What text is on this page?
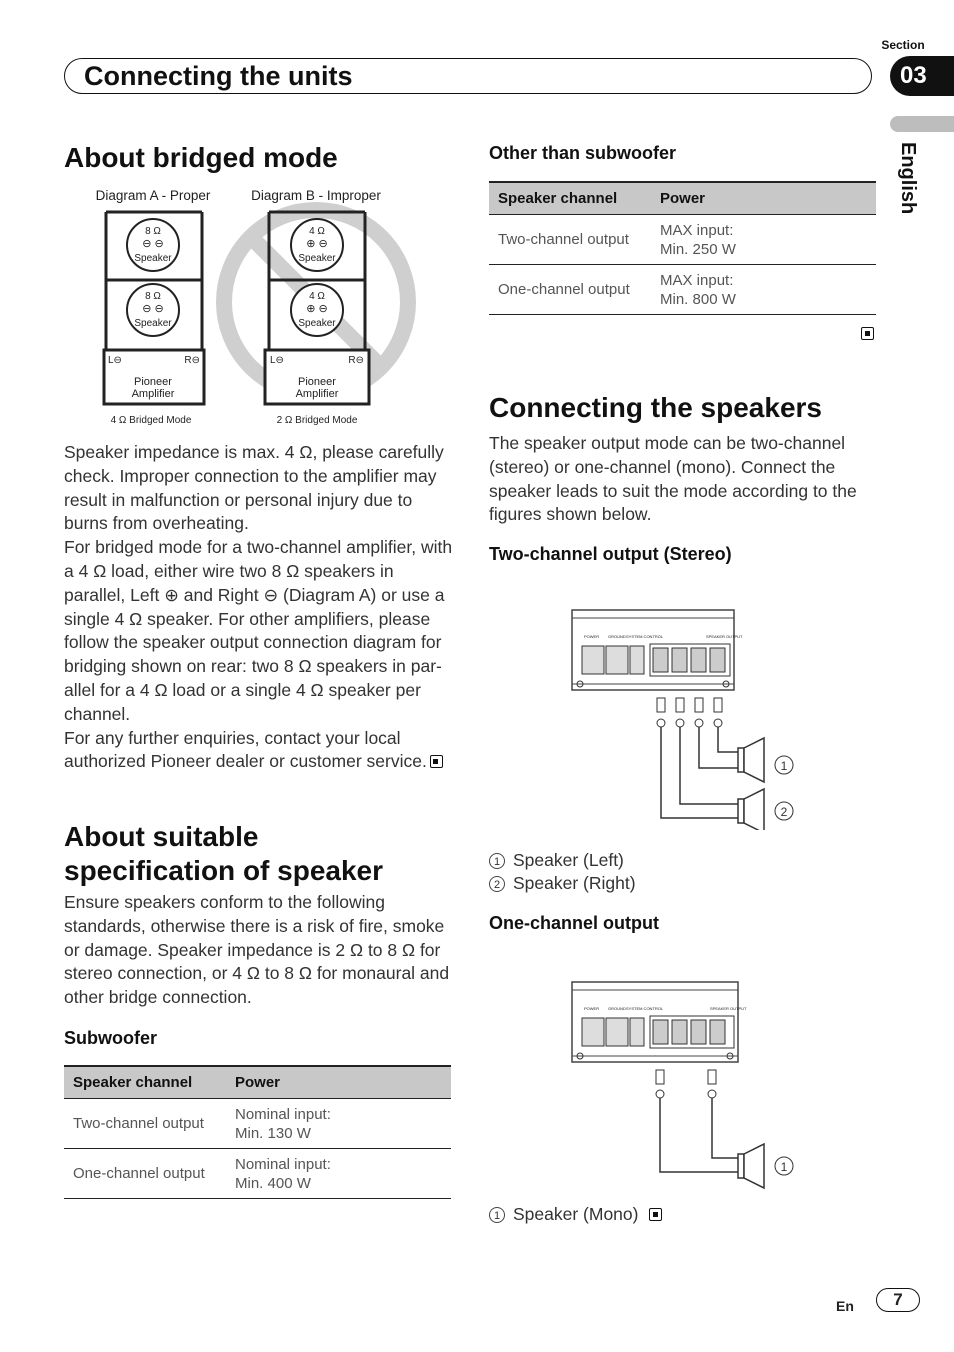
Section
Connecting the units	03
English
About bridged mode
Diagram A - Proper	Diagram B - Improper
8 Ω
⊖ ⊖
Speaker
8 Ω
⊖ ⊖
Speaker
L⊖	R⊖
Pioneer
Amplifier
4 Ω Bridged Mode
4 Ω
⊕ ⊖
Speaker
4 Ω
⊕ ⊖
Speaker
L⊖	R⊖
Pioneer
Amplifier
2 Ω Bridged Mode

Speaker impedance is max. 4 Ω, please carefully check. Improper connection to the amplifier may result in malfunction or personal injury due to burns from overheating.

For bridged mode for a two-channel amplifier, with a 4 Ω load, either wire two 8 Ω speakers in parallel, Left ⊕ and Right ⊖ (Diagram A) or use a single 4 Ω speaker. For other amplifiers, please follow the speaker output connection diagram for bridging shown on rear: two 8 Ω speakers in par-allel for a 4 Ω load or a single 4 Ω speaker per channel.

For any further enquiries, contact your local authorized Pioneer dealer or customer service.

About suitable
specification of speaker
Ensure speakers conform to the following standards, otherwise there is a risk of fire, smoke or damage. Speaker impedance is 2 Ω to 8 Ω for stereo connection, or 4 Ω to 8 Ω for monaural and other bridge connection.
Subwoofer
Speaker channel	Power
Two-channel output	Nominal input:
Min. 130 W
One-channel output	Nominal input:
Min. 400 W
Other than subwoofer
Speaker channel	Power
Two-channel output	MAX input:
Min. 250 W
One-channel output	MAX input:
Min. 800 W
Connecting the speakers
The speaker output mode can be two-channel (stereo) or one-channel (mono). Connect the speaker leads to suit the mode according to the figures shown below.
Two-channel output (Stereo)
POWER GROUND SYSTEM CONTROL	SPEAKER OUTPUT
1
2
1 Speaker (Left)
2 Speaker (Right)
One-channel output
POWER GROUND SYSTEM CONTROL	SPEAKER OUTPUT
1
1 Speaker (Mono)
En	7
